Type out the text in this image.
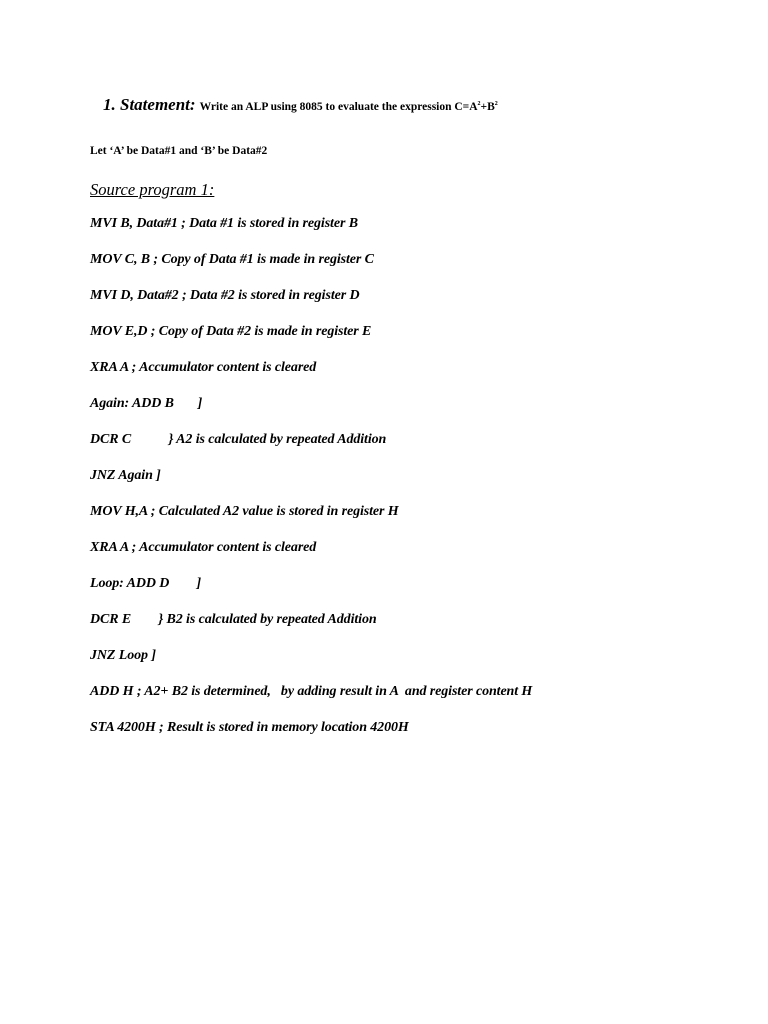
1. Statement: Write an ALP using 8085 to evaluate the expression $C=A^2+B^2$
Let ‘A’ be Data#1 and ‘B’ be Data#2
Source program 1:
MVI B, Data#1 ; Data #1 is stored in register B
MOV C, B ; Copy of Data #1 is made in register C
MVI D, Data#2 ; Data #2 is stored in register D
MOV E,D ; Copy of Data #2 is made in register E
XRA A ; Accumulator content is cleared
Again: ADD B       ]
DCR C           } A2 is calculated by repeated Addition
JNZ Again ]
MOV H,A ; Calculated A2 value is stored in register H
XRA A ; Accumulator content is cleared
Loop: ADD D        ]
DCR E        } B2 is calculated by repeated Addition
JNZ Loop ]
ADD H ; A2+ B2 is determined,   by adding result in A  and register content H
STA 4200H ; Result is stored in memory location 4200H
